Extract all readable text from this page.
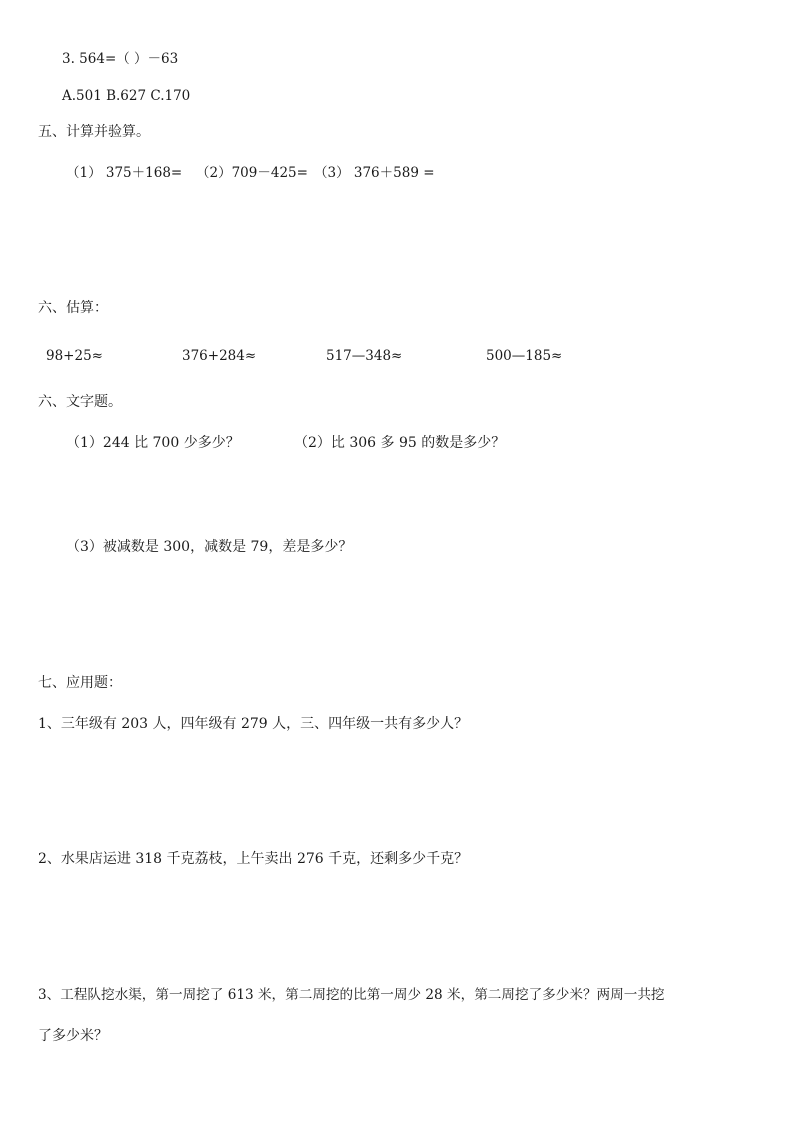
3. 564=（ ）－63
A.501 B.627 C.170
五、计算并验算。
（1） 375＋168= （2）709－425= （3） 376＋589 =
六、估算：
98+25≈	376+284≈	517—348≈	500—185≈
六、文字题。
（1）244 比 700 少多少？	（2）比 306 多 95 的数是多少？
（3）被减数是 300，减数是 79，差是多少？
七、应用题：
1、三年级有 203 人，四年级有 279 人，三、四年级一共有多少人？
2、水果店运进 318 千克荔枝，上午卖出 276 千克，还剩多少千克？
3、工程队挖水渠，第一周挖了 613 米，第二周挖的比第一周少 28 米，第二周挖了多少米？两周一共挖
了多少米？
